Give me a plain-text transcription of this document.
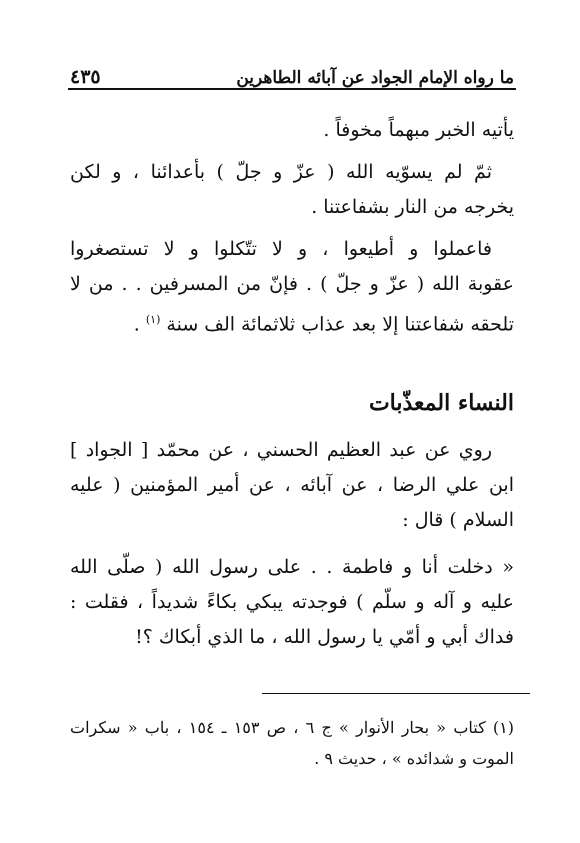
ما رواه الإمام الجواد عن آبائه الطاهرين
٤٣٥
يأتيه الخبر مبهماً مخوفاً .
ثمّ لم يسوّيه الله ( عزّ و جلّ ) بأعدائنا ، و لكن
يخرجه من النار بشفاعتنا .
فاعملوا و أطيعوا ، و لا تتّكلوا و لا تستصغروا
عقوبة الله ( عزّ و جلّ ) . فإنّ من المسرفين . . من لا
تلحقه شفاعتنا إلا بعد عذاب ثلاثمائة الف سنة $^{(١)}$ .
النساء المعذّبات
روي عن عبد العظيم الحسني ، عن محمّد [ الجواد ]
ابن علي الرضا ، عن آبائه ، عن أمير المؤمنين ( عليه
السلام ) قال :
« دخلت أنا و فاطمة . . على رسول الله ( صلّى الله
عليه و آله و سلّم ) فوجدته يبكي بكاءً شديداً ، فقلت :
فداك أبي و أمّي يا رسول الله ، ما الذي أبكاك ؟!
(١) كتاب « بحار الأنوار » ج ٦ ، ص ١٥٣ ـ ١٥٤ ، باب « سكرات
الموت و شدائده » ، حديث ٩ .
